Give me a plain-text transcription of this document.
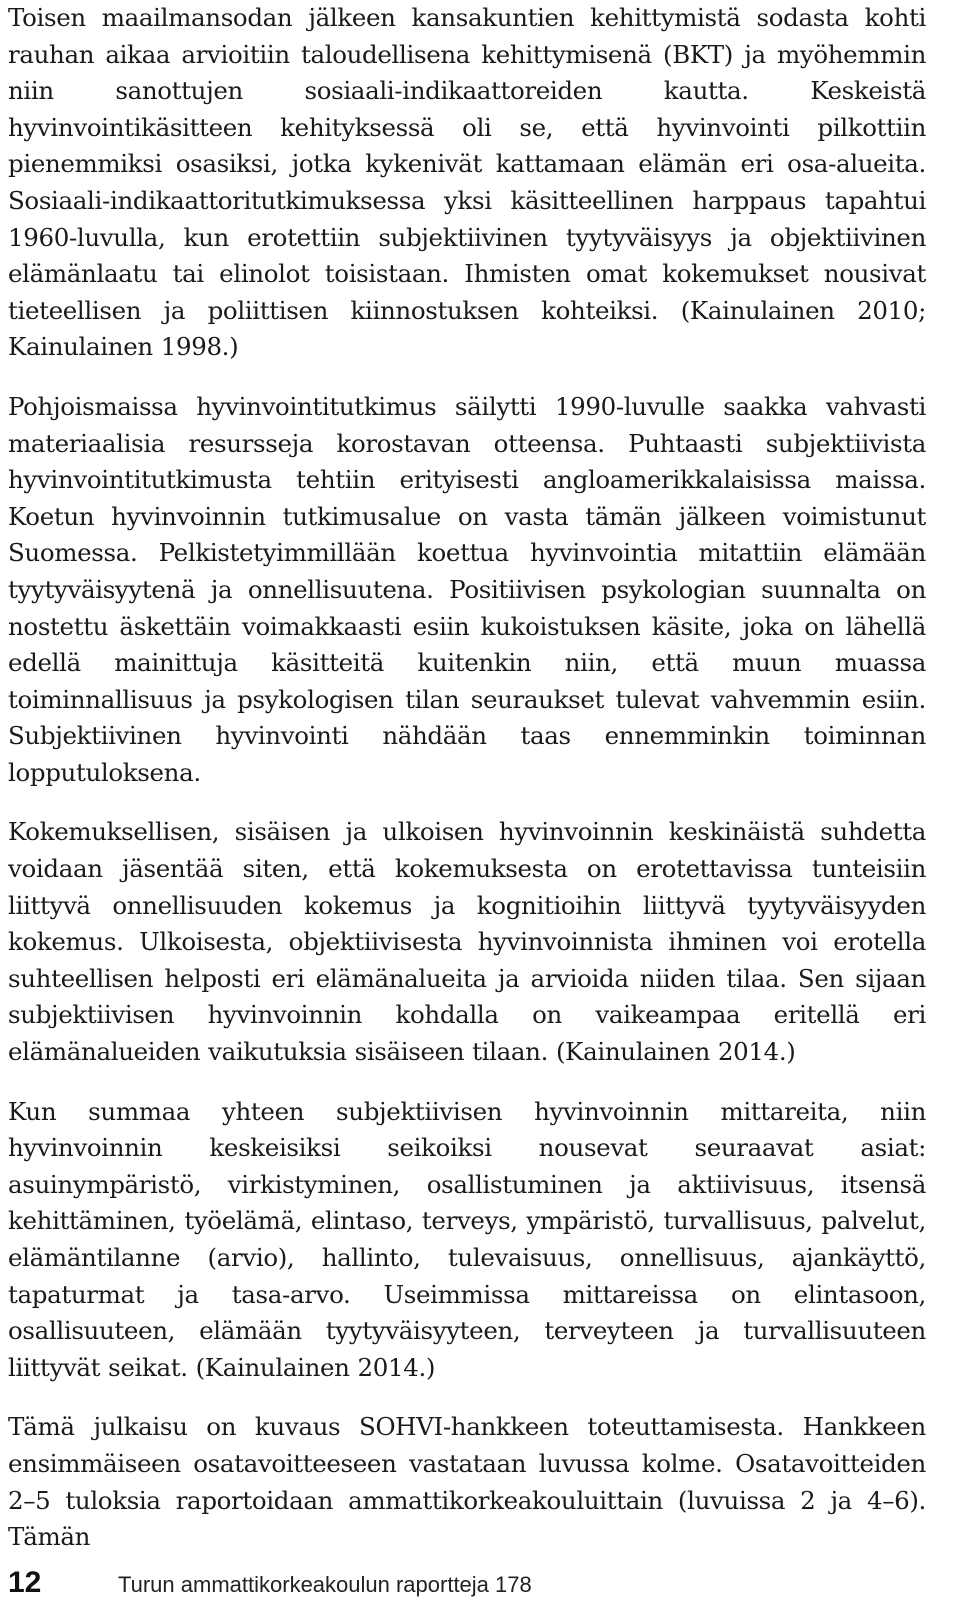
Toisen maailmansodan jälkeen kansakuntien kehittymistä sodasta kohti rauhan aikaa arvioitiin taloudellisena kehittymisenä (BKT) ja myöhemmin niin sanottujen sosiaali-indikaattoreiden kautta. Keskeistä hyvinvointikäsitteen kehityksessä oli se, että hyvinvointi pilkottiin pienemmiksi osasiksi, jotka kykenivät kattamaan elämän eri osa-alueita. Sosiaali-indikaattoritutkimuksessa yksi käsitteellinen harppaus tapahtui 1960-luvulla, kun erotettiin subjektiivinen tyytyväisyys ja objektiivinen elämänlaatu tai elinolot toisistaan. Ihmisten omat kokemukset nousivat tieteellisen ja poliittisen kiinnostuksen kohteiksi. (Kainulainen 2010; Kainulainen 1998.)

Pohjoismaissa hyvinvointitutkimus säilytti 1990-luvulle saakka vahvasti materiaalisia resursseja korostavan otteensa. Puhtaasti subjektiivista hyvinvointitutkimusta tehtiin erityisesti angloamerikkalaisissa maissa. Koetun hyvinvoinnin tutkimusalue on vasta tämän jälkeen voimistunut Suomessa. Pelkistetyimmillään koettua hyvinvointia mitattiin elämään tyytyväisyytenä ja onnellisuutena. Positiivisen psykologian suunnalta on nostettu äskettäin voimakkaasti esiin kukoistuksen käsite, joka on lähellä edellä mainittuja käsitteitä kuitenkin niin, että muun muassa toiminnallisuus ja psykologisen tilan seuraukset tulevat vahvemmin esiin. Subjektiivinen hyvinvointi nähdään taas ennemminkin toiminnan lopputuloksena.

Kokemuksellisen, sisäisen ja ulkoisen hyvinvoinnin keskinäistä suhdetta voidaan jäsentää siten, että kokemuksesta on erotettavissa tunteisiin liittyvä onnellisuuden kokemus ja kognitioihin liittyvä tyytyväisyyden kokemus. Ulkoisesta, objektiivisesta hyvinvoinnista ihminen voi erotella suhteellisen helposti eri elämänalueita ja arvioida niiden tilaa. Sen sijaan subjektiivisen hyvinvoinnin kohdalla on vaikeampaa eritellä eri elämänalueiden vaikutuksia sisäiseen tilaan. (Kainulainen 2014.)

Kun summaa yhteen subjektiivisen hyvinvoinnin mittareita, niin hyvinvoinnin keskeisiksi seikoiksi nousevat seuraavat asiat: asuinympäristö, virkistyminen, osallistuminen ja aktiivisuus, itsensä kehittäminen, työelämä, elintaso, terveys, ympäristö, turvallisuus, palvelut, elämäntilanne (arvio), hallinto, tulevaisuus, onnellisuus, ajankäyttö, tapaturmat ja tasa-arvo. Useimmissa mittareissa on elintasoon, osallisuuteen, elämään tyytyväisyyteen, terveyteen ja turvallisuuteen liittyvät seikat. (Kainulainen 2014.)

Tämä julkaisu on kuvaus SOHVI-hankkeen toteuttamisesta. Hankkeen ensimmäiseen osatavoitteeseen vastataan luvussa kolme. Osatavoitteiden 2–5 tuloksia raportoidaan ammattikorkeakouluittain (luvuissa 2 ja 4–6). Tämän

12	Turun ammattikorkeakoulun raportteja 178
